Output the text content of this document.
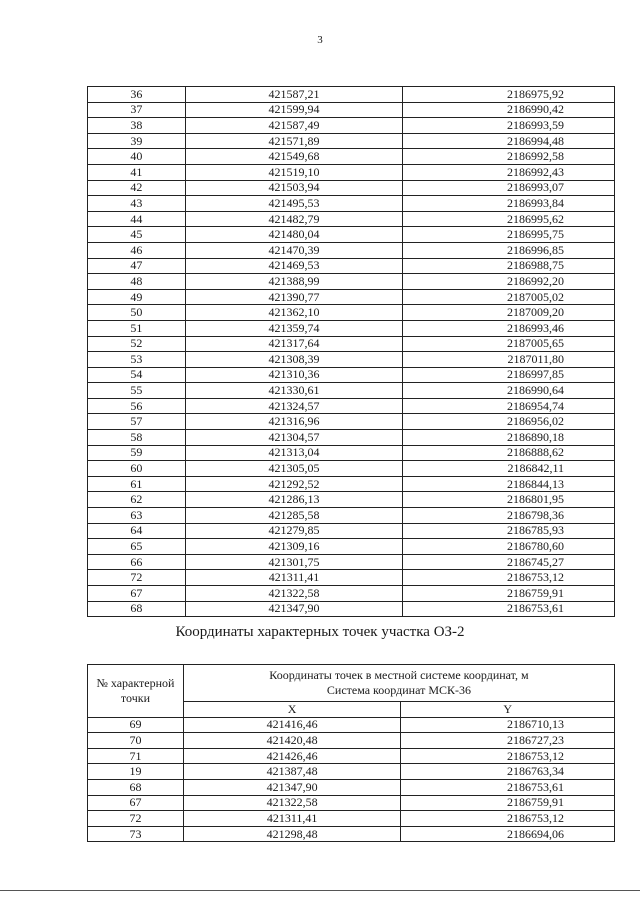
3
36	421587,21	2186975,92
37	421599,94	2186990,42
38	421587,49	2186993,59
39	421571,89	2186994,48
40	421549,68	2186992,58
41	421519,10	2186992,43
42	421503,94	2186993,07
43	421495,53	2186993,84
44	421482,79	2186995,62
45	421480,04	2186995,75
46	421470,39	2186996,85
47	421469,53	2186988,75
48	421388,99	2186992,20
49	421390,77	2187005,02
50	421362,10	2187009,20
51	421359,74	2186993,46
52	421317,64	2187005,65
53	421308,39	2187011,80
54	421310,36	2186997,85
55	421330,61	2186990,64
56	421324,57	2186954,74
57	421316,96	2186956,02
58	421304,57	2186890,18
59	421313,04	2186888,62
60	421305,05	2186842,11
61	421292,52	2186844,13
62	421286,13	2186801,95
63	421285,58	2186798,36
64	421279,85	2186785,93
65	421309,16	2186780,60
66	421301,75	2186745,27
72	421311,41	2186753,12
67	421322,58	2186759,91
68	421347,90	2186753,61
Координаты характерных точек участка ОЗ-2
№ характерной точки	Координаты точек в местной системе координат, м
Система координат МСК-36	
	X	Y
69	421416,46	2186710,13
70	421420,48	2186727,23
71	421426,46	2186753,12
19	421387,48	2186763,34
68	421347,90	2186753,61
67	421322,58	2186759,91
72	421311,41	2186753,12
73	421298,48	2186694,06
